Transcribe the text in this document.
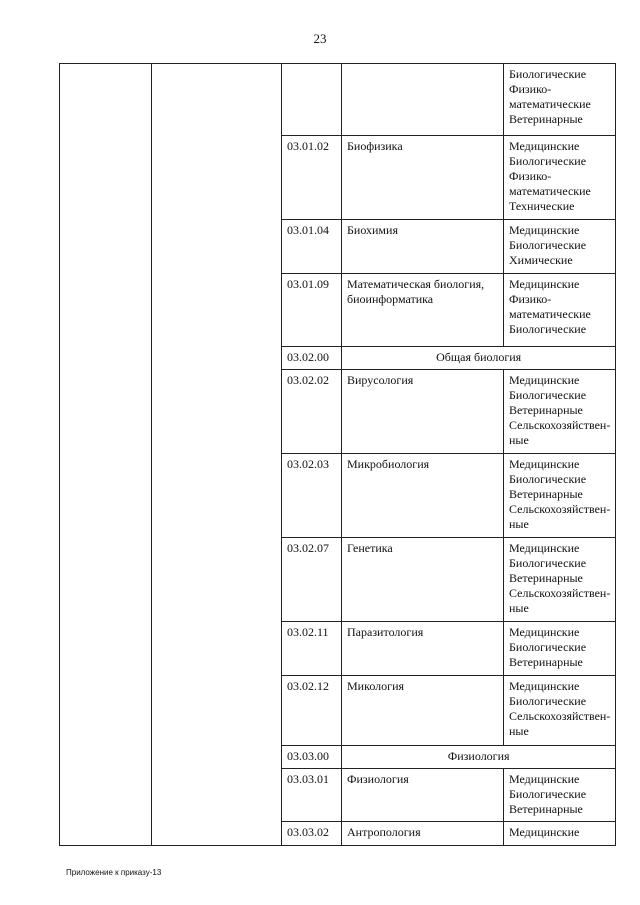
23

				Биологические
Физико-
математические
Ветеринарные

		03.01.02	Биофизика	Медицинские
Биологические
Физико-
математические
Технические

		03.01.04	Биохимия	Медицинские
Биологические
Химические

		03.01.09	Математическая биология, биоинформатика	Медицинские
Физико-
математические
Биологические

		03.02.00	Общая биология	
		03.02.02	Вирусология	Медицинские
Биологические
Ветеринарные
Сельскохозяйствен-
ные

		03.02.03	Микробиология	Медицинские
Биологические
Ветеринарные
Сельскохозяйствен-
ные

		03.02.07	Генетика	Медицинские
Биологические
Ветеринарные
Сельскохозяйствен-
ные

		03.02.11	Паразитология	Медицинские
Биологические
Ветеринарные

		03.02.12	Микология	Медицинские
Биологические
Сельскохозяйствен-
ные

		03.03.00	Физиология	
		03.03.01	Физиология	Медицинские
Биологические
Ветеринарные

		03.03.02	Антропология	Медицинские
Приложение к приказу-13
